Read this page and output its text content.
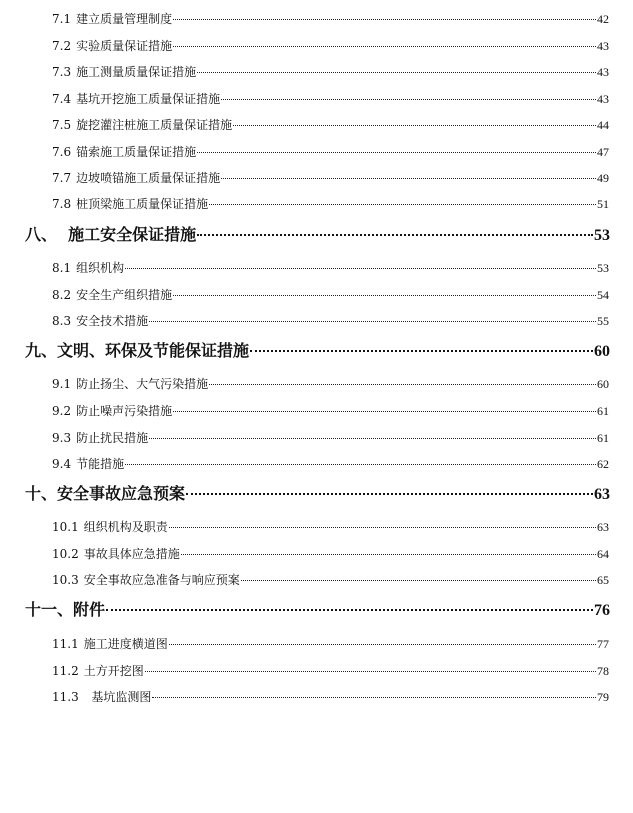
7.1 建立质量管理制度	42
7.2 实验质量保证措施	43
7.3 施工测量质量保证措施	43
7.4 基坑开挖施工质量保证措施	43
7.5 旋挖灌注桩施工质量保证措施	44
7.6 锚索施工质量保证措施	47
7.7 边坡喷锚施工质量保证措施	49
7.8 桩顶梁施工质量保证措施	51
八、 施工安全保证措施	53
8.1 组织机构	53
8.2 安全生产组织措施	54
8.3 安全技术措施	55
九、 文明、环保及节能保证措施	60
9.1 防止扬尘、大气污染措施	60
9.2 防止噪声污染措施	61
9.3 防止扰民措施	61
9.4 节能措施	62
十、 安全事故应急预案	63
10.1 组织机构及职责	63
10.2 事故具体应急措施	64
10.3 安全事故应急准备与响应预案	65
十一、 附件	76
11.1 施工进度横道图	77
11.2 土方开挖图	78
11.3 基坑监测图	79
